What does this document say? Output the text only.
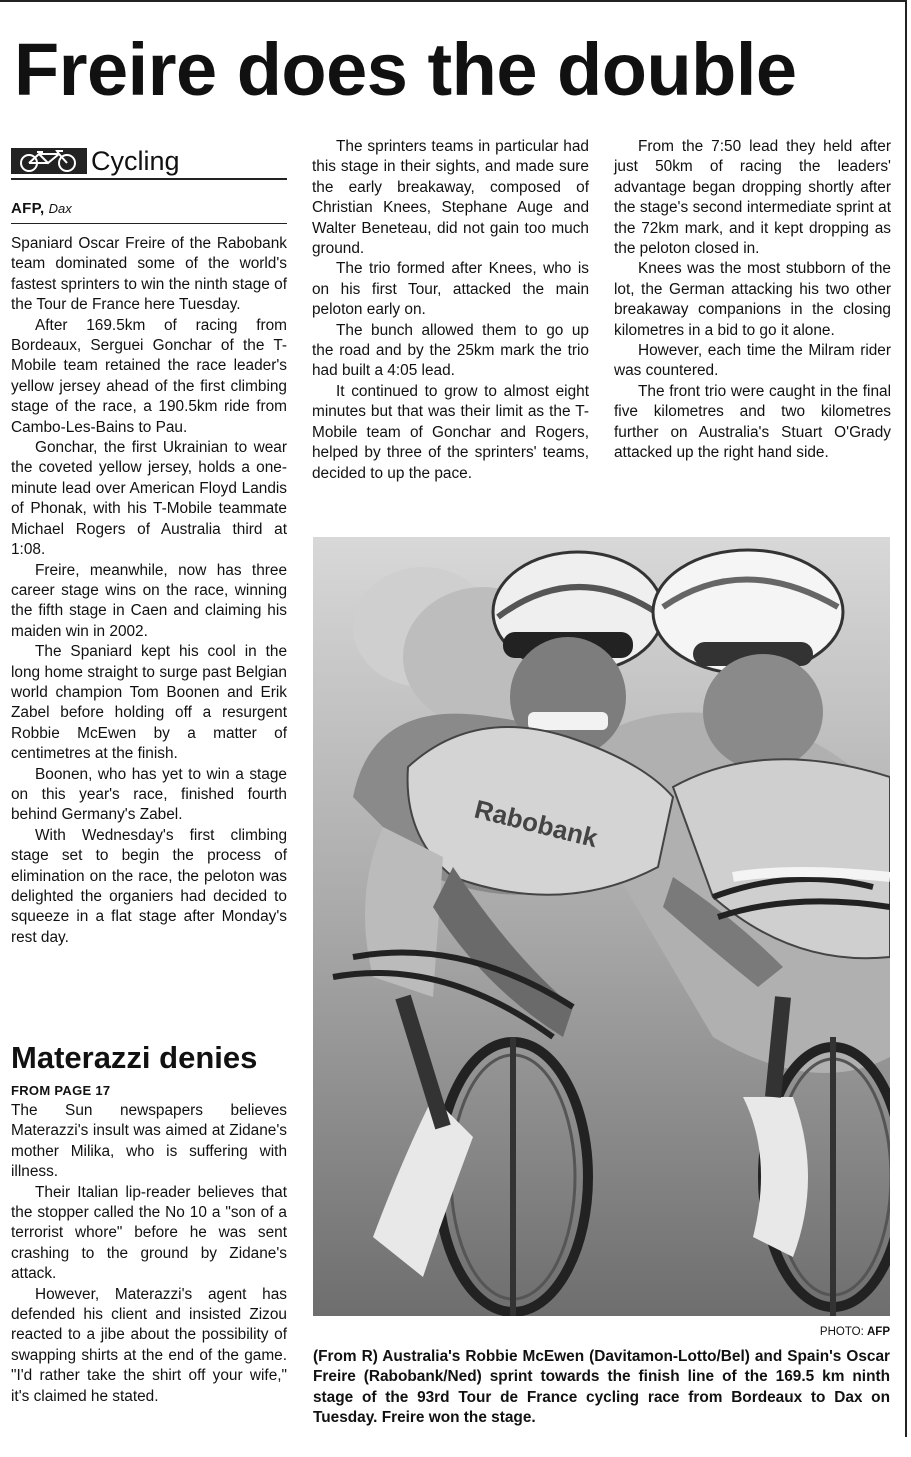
Freire does the double
Cycling
AFP, Dax

Spaniard Oscar Freire of the Rabobank team dominated some of the world's fastest sprinters to win the ninth stage of the Tour de France here Tuesday.

After 169.5km of racing from Bordeaux, Serguei Gonchar of the T-Mobile team retained the race leader's yellow jersey ahead of the first climbing stage of the race, a 190.5km ride from Cambo-Les-Bains to Pau.

Gonchar, the first Ukrainian to wear the coveted yellow jersey, holds a one-minute lead over American Floyd Landis of Phonak, with his T-Mobile teammate Michael Rogers of Australia third at 1:08.

Freire, meanwhile, now has three career stage wins on the race, winning the fifth stage in Caen and claiming his maiden win in 2002.

The Spaniard kept his cool in the long home straight to surge past Belgian world champion Tom Boonen and Erik Zabel before holding off a resurgent Robbie McEwen by a matter of centimetres at the finish.

Boonen, who has yet to win a stage on this year's race, finished fourth behind Germany's Zabel.

With Wednesday's first climbing stage set to begin the process of elimination on the race, the peloton was delighted the organiers had decided to squeeze in a flat stage after Monday's rest day.

The sprinters teams in particular had this stage in their sights, and made sure the early breakaway, composed of Christian Knees, Stephane Auge and Walter Beneteau, did not gain too much ground.

The trio formed after Knees, who is on his first Tour, attacked the main peloton early on.

The bunch allowed them to go up the road and by the 25km mark the trio had built a 4:05 lead.

It continued to grow to almost eight minutes but that was their limit as the T-Mobile team of Gonchar and Rogers, helped by three of the sprinters' teams, decided to up the pace.

From the 7:50 lead they held after just 50km of racing the leaders' advantage began dropping shortly after the stage's second intermediate sprint at the 72km mark, and it kept dropping as the peloton closed in.

Knees was the most stubborn of the lot, the German attacking his two other breakaway companions in the closing kilometres in a bid to go it alone.

However, each time the Milram rider was countered.

The front trio were caught in the final five kilometres and two kilometres further on Australia's Stuart O'Grady attacked up the right hand side.

Materazzi denies
FROM PAGE 17

The Sun newspapers believes Materazzi's insult was aimed at Zidane's mother Milika, who is suffering with illness.

Their Italian lip-reader believes that the stopper called the No 10 a "son of a terrorist whore" before he was sent crashing to the ground by Zidane's attack.

However, Materazzi's agent has defended his client and insisted Zizou reacted to a jibe about the possibility of swapping shirts at the end of the game. "I'd rather take the shirt off your wife," it's claimed he stated.

Rabobank
PHOTO: AFP
(From R) Australia's Robbie McEwen (Davitamon-Lotto/Bel) and Spain's Oscar Freire (Rabobank/Ned) sprint towards the finish line of the 169.5 km ninth stage of the 93rd Tour de France cycling race from Bordeaux to Dax on Tuesday. Freire won the stage.
